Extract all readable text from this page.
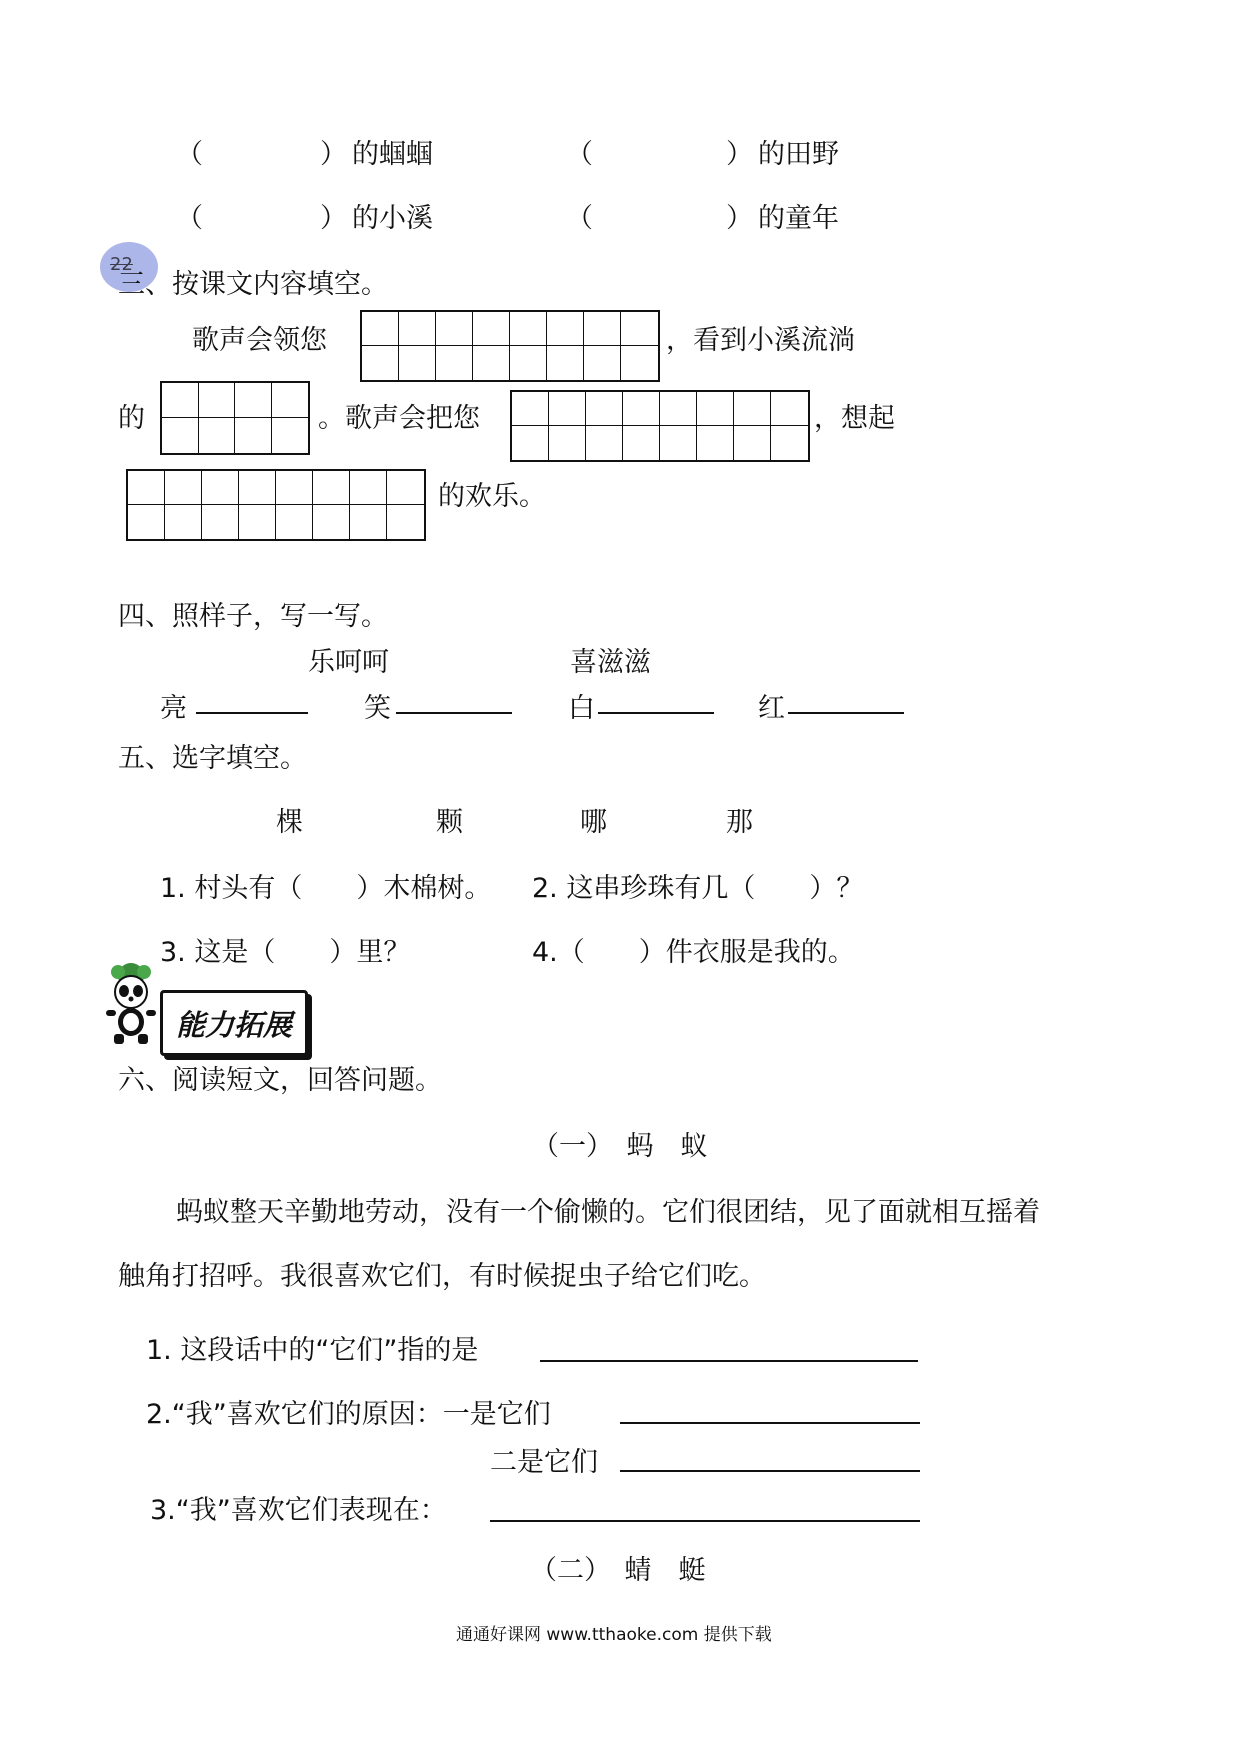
（	） 的蝈蝈	（	） 的田野
（	） 的小溪	（	） 的童年
22
三、按课文内容填空。
歌声会领您	，看到小溪流淌
的	。歌声会把您	，想起
的欢乐。
四、照样子，写一写。
乐呵呵	喜滋滋
亮	笑	白	红
五、选字填空。
棵	颗	哪	那
1. 村头有（　　）木棉树。 2. 这串珍珠有几（　　）？
3. 这是（　　）里？	4.（　　）件衣服是我的。
能力拓展
六、阅读短文，回答问题。
（一）　蚂　蚁
蚂蚁整天辛勤地劳动，没有一个偷懒的。它们很团结，见了面就相互摇着
触角打招呼。我很喜欢它们，有时候捉虫子给它们吃。
1. 这段话中的“它们”指的是
2.“我”喜欢它们的原因：一是它们
二是它们
3.“我”喜欢它们表现在：
（二）　蜻　蜓
通通好课网 www.tthaoke.com 提供下载
